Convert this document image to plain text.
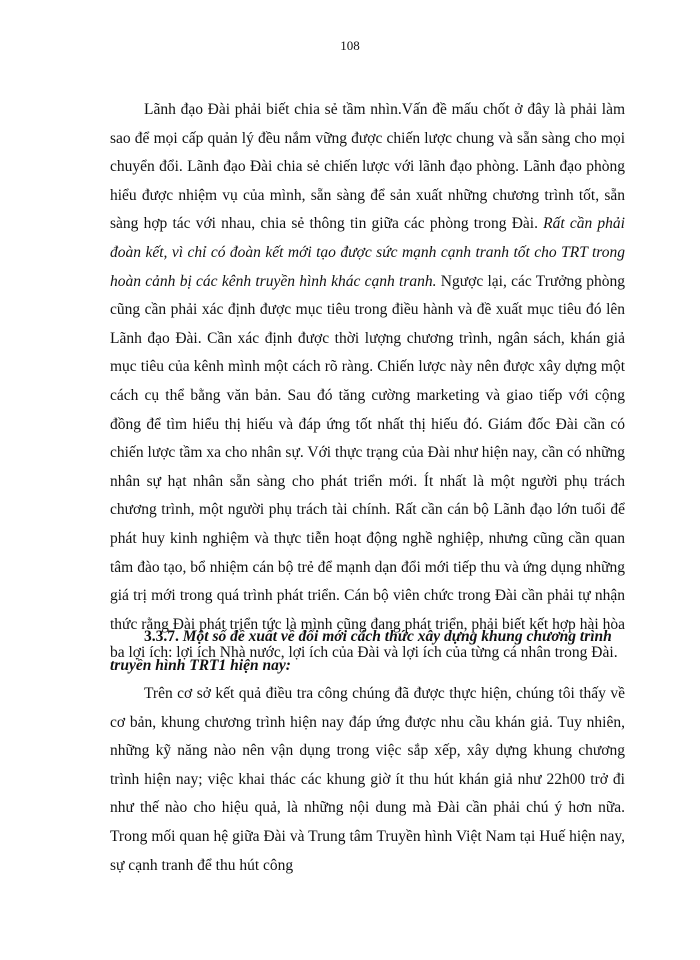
108

Lãnh đạo Đài phải biết chia sẻ tầm nhìn.Vấn đề mấu chốt ở đây là phải làm sao để mọi cấp quản lý đều nắm vững được chiến lược chung và sẵn sàng cho mọi chuyển đổi. Lãnh đạo Đài chia sẻ chiến lược với lãnh đạo phòng. Lãnh đạo phòng hiểu được nhiệm vụ của mình, sẵn sàng để sản xuất những chương trình tốt, sẵn sàng hợp tác với nhau, chia sẻ thông tin giữa các phòng trong Đài. Rất cần phải đoàn kết, vì chỉ có đoàn kết mới tạo được sức mạnh cạnh tranh tốt cho TRT trong hoàn cảnh bị các kênh truyền hình khác cạnh tranh. Ngược lại, các Trưởng phòng cũng cần phải xác định được mục tiêu trong điều hành và đề xuất mục tiêu đó lên Lãnh đạo Đài. Cần xác định được thời lượng chương trình, ngân sách, khán giả mục tiêu của kênh mình một cách rõ ràng. Chiến lược này nên được xây dựng một cách cụ thể bằng văn bản. Sau đó tăng cường marketing và giao tiếp với cộng đồng để tìm hiểu thị hiếu và đáp ứng tốt nhất thị hiếu đó. Giám đốc Đài cần có chiến lược tầm xa cho nhân sự. Với thực trạng của Đài như hiện nay, cần có những nhân sự hạt nhân sẵn sàng cho phát triển mới. Ít nhất là một người phụ trách chương trình, một người phụ trách tài chính. Rất cần cán bộ Lãnh đạo lớn tuổi để phát huy kinh nghiệm và thực tiễn hoạt động nghề nghiệp, nhưng cũng cần quan tâm đào tạo, bổ nhiệm cán bộ trẻ để mạnh dạn đổi mới tiếp thu và ứng dụng những giá trị mới trong quá trình phát triển. Cán bộ viên chức trong Đài cần phải tự nhận thức rằng Đài phát triển tức là mình cũng đang phát triển, phải biết kết hợp hài hòa ba lợi ích: lợi ích Nhà nước, lợi ích của Đài và lợi ích của từng cá nhân trong Đài.

3.3.7. Một số đề xuất về đổi mới cách thức xây dựng khung chương trình truyền hình TRT1 hiện nay:

Trên cơ sở kết quả điều tra công chúng đã được thực hiện, chúng tôi thấy về cơ bản, khung chương trình hiện nay đáp ứng được nhu cầu khán giả. Tuy nhiên, những kỹ năng nào nên vận dụng trong việc sắp xếp, xây dựng khung chương trình hiện nay; việc khai thác các khung giờ ít thu hút khán giả như 22h00 trở đi như thế nào cho hiệu quả, là những nội dung mà Đài cần phải chú ý hơn nữa. Trong mối quan hệ giữa Đài và Trung tâm Truyền hình Việt Nam tại Huế hiện nay, sự cạnh tranh để thu hút công
